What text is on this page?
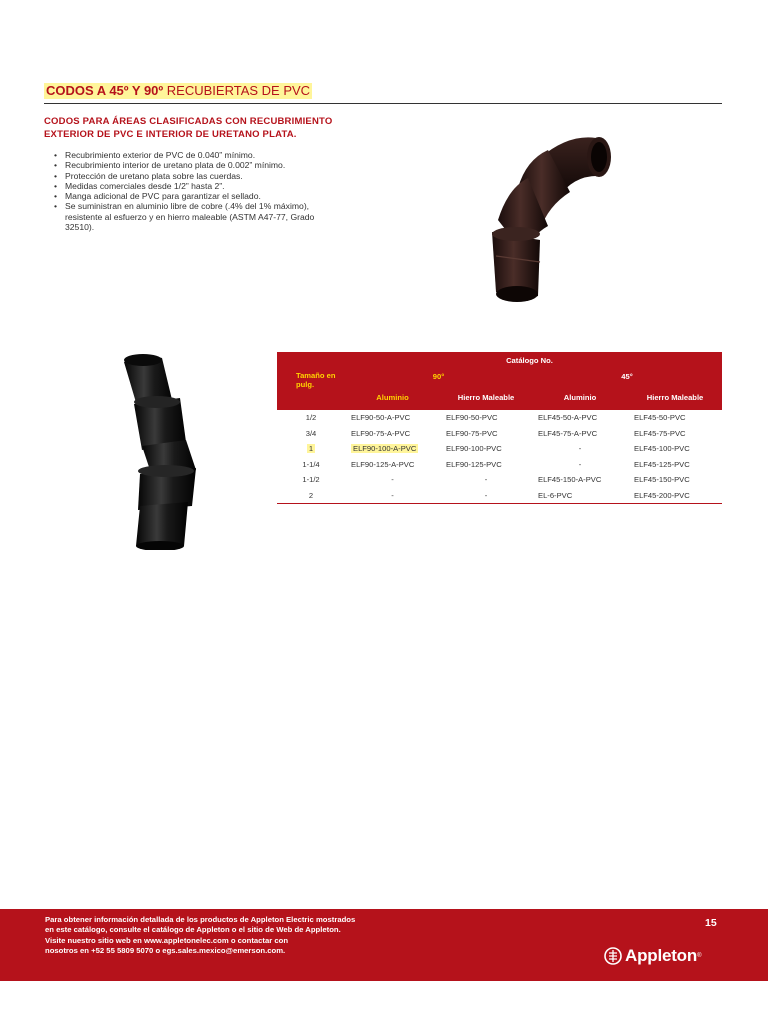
CODOS A 45º Y 90º RECUBIERTAS DE PVC
CODOS PARA ÁREAS CLASIFICADAS CON RECUBRIMIENTO EXTERIOR DE PVC E INTERIOR DE URETANO PLATA.
• Recubrimiento exterior de PVC de 0.040” mínimo.
• Recubrimiento interior de uretano plata de 0.002” mínimo.
• Protección de uretano plata sobre las cuerdas.
• Medidas comerciales desde 1/2” hasta 2”.
• Manga adicional de PVC para garantizar el sellado.
• Se suministran en aluminio libre de cobre (.4% del 1% máximo), resistente al esfuerzo y en hierro maleable (ASTM A47-77, Grado 32510).
Catálogo No.				
Tamaño en pulg.	90°		45°	
	Aluminio	Hierro Maleable	Aluminio	Hierro Maleable
1/2	ELF90-50-A-PVC	ELF90-50-PVC	ELF45-50-A-PVC	ELF45-50-PVC
3/4	ELF90-75-A-PVC	ELF90-75-PVC	ELF45-75-A-PVC	ELF45-75-PVC
1	ELF90-100-A-PVC	ELF90-100-PVC	-	ELF45-100-PVC
1-1/4	ELF90-125-A-PVC	ELF90-125-PVC	-	ELF45-125-PVC
1-1/2	-	-	ELF45-150-A-PVC	ELF45-150-PVC
2	-	-	EL-6-PVC	ELF45-200-PVC
Para obtener información detallada de los productos de Appleton Electric mostrados
en este catálogo, consulte el catálogo de Appleton o el sitio de Web de Appleton.
Visite nuestro sitio web en www.appletonelec.com o contactar con
nosotros en +52 55 5809 5070 o egs.sales.mexico@emerson.com.
15
Appleton ®
